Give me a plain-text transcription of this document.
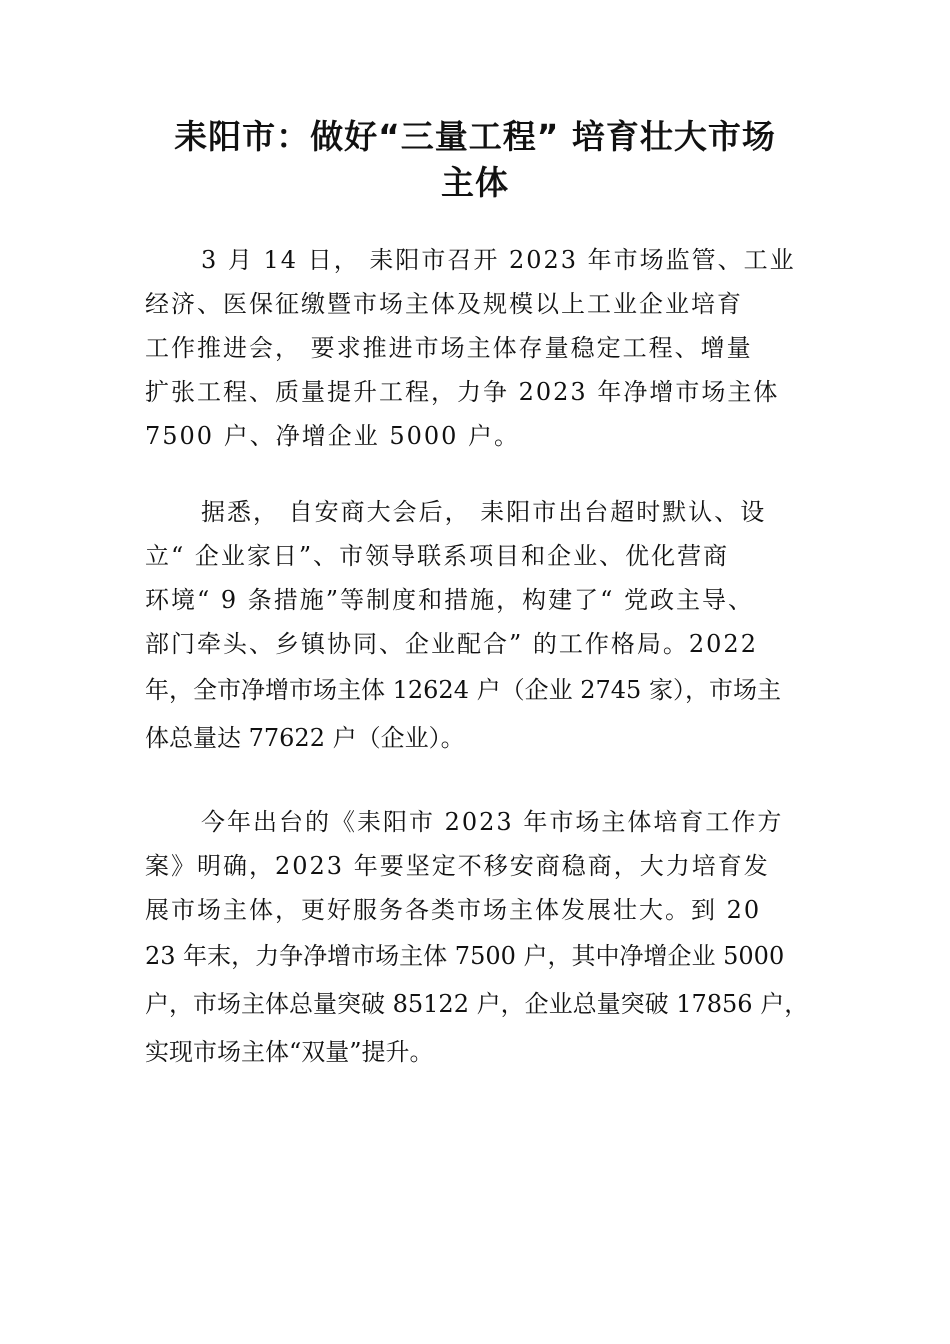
耒阳市：做好“三量工程” 培育壮大市场
主体
3 月 14 日， 耒阳市召开 2023 年市场监管、工业
经济、医保征缴暨市场主体及规模以上工业企业培育
工作推进会， 要求推进市场主体存量稳定工程、增量
扩张工程、质量提升工程，力争 2023 年净增市场主体
7500 户、净增企业 5000 户。
据悉， 自安商大会后， 耒阳市出台超时默认、设
立“ 企业家日”、市领导联系项目和企业、优化营商
环境“ 9 条措施”等制度和措施，构建了“ 党政主导、
部门牵头、乡镇协同、企业配合” 的工作格局。2022
年，全市净增市场主体 12624 户（企业 2745 家），市场主
体总量达 77622 户（企业）。
今年出台的《耒阳市 2023 年市场主体培育工作方
案》明确，2023 年要坚定不移安商稳商，大力培育发
展市场主体，更好服务各类市场主体发展壮大。到 20
23 年末，力争净增市场主体 7500 户，其中净增企业 5000
户，市场主体总量突破 85122 户，企业总量突破 17856 户，
实现市场主体“双量”提升。
